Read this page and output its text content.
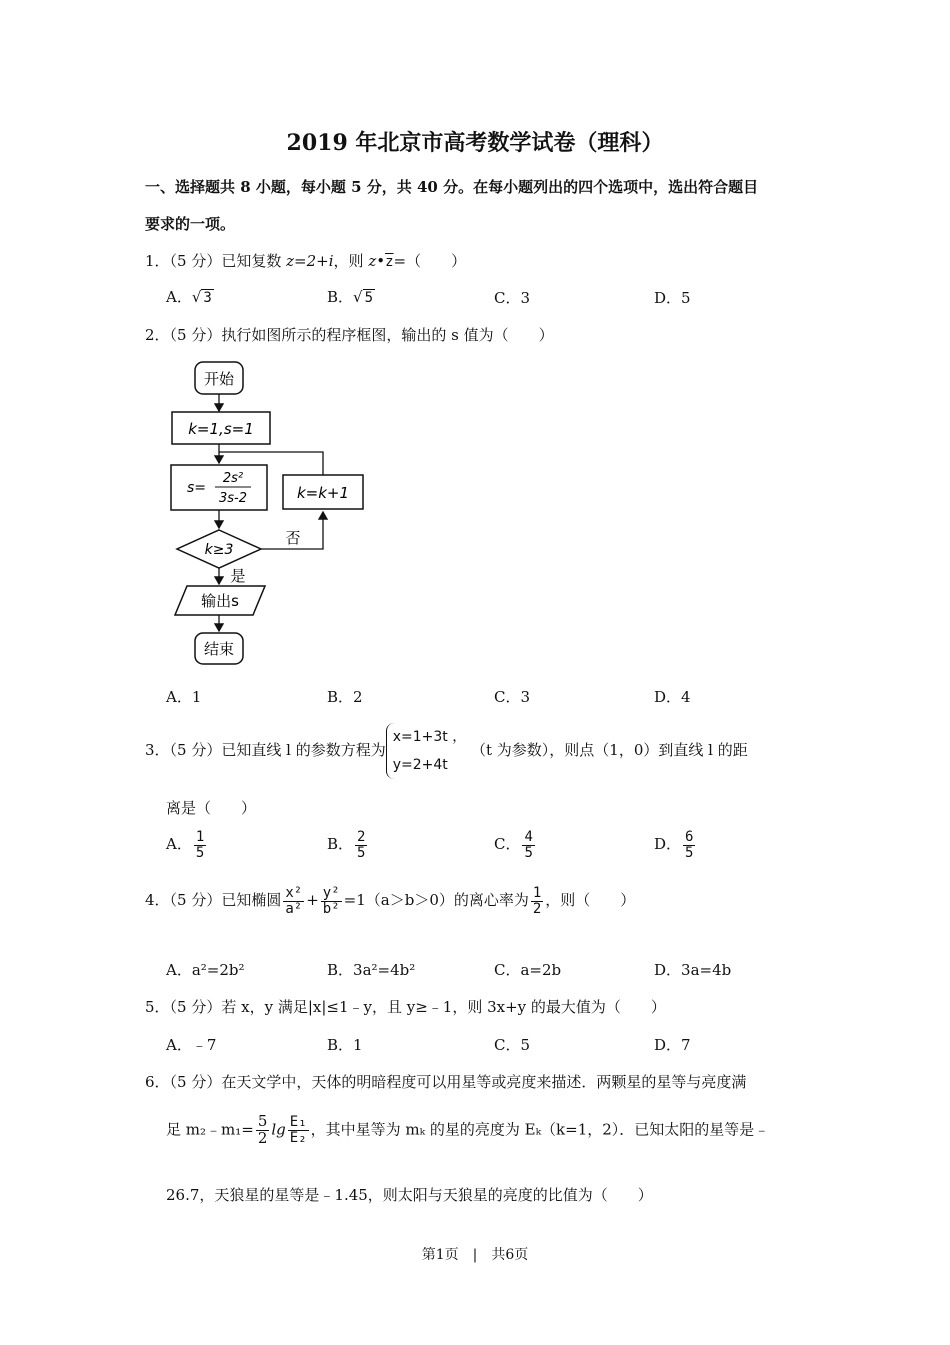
2019 年北京市高考数学试卷（理科）
一、选择题共 8 小题，每小题 5 分，共 40 分。在每小题列出的四个选项中，选出符合题目
要求的一项。
1．（5 分）已知复数 z=2+i，则 $z•\overline{z}=$（　　）
A．√ 3	B．√ 5	C．3	D．5
2．（5 分）执行如图所示的程序框图，输出的 s 值为（　　）
开始
k=1,s=1
s=
2s²
3s-2	k=k+1
k≥3
否
是
输出s
结束
A．1	B．2	C．3	D．4
3．（5 分）已知直线 l 的参数方程为x=1+3t ，
y=2+4t （t 为参数），则点（1，0）到直线 l 的距
离是（　　）
A． $\frac{1}{5}$	B． $\frac{2}{5}$	C． $\frac{4}{5}$	D． $\frac{6}{5}$
4．（5 分）已知椭圆 $\frac{\text{x²}}{\text{a²}} + \frac{\text{y²}}{\text{b²}} =1(a>b>0)$的离心率为 $\frac{1}{2}$ ，则（　　）
A．a²=2b²	B．3a²=4b²	C．a=2b	D．3a=4b
5．（5 分）若 x，y 满足|x|≤1﹣y，且 y≥﹣1，则 3x+y 的最大值为（　　）
A．﹣7	B．1	C．5	D．7
6．（5 分）在天文学中，天体的明暗程度可以用星等或亮度来描述．两颗星的星等与亮度满
足 m₂﹣m₁= $\frac{5}{2}$ $\lg \frac{\text{E₁}}{\text{E₂}}$ ，其中星等为 mₖ 的星的亮度为 Eₖ（k=1，2）．已知太阳的星等是﹣
26.7，天狼星的星等是﹣1.45，则太阳与天狼星的亮度的比值为（　　）
第1页　|　共6页
